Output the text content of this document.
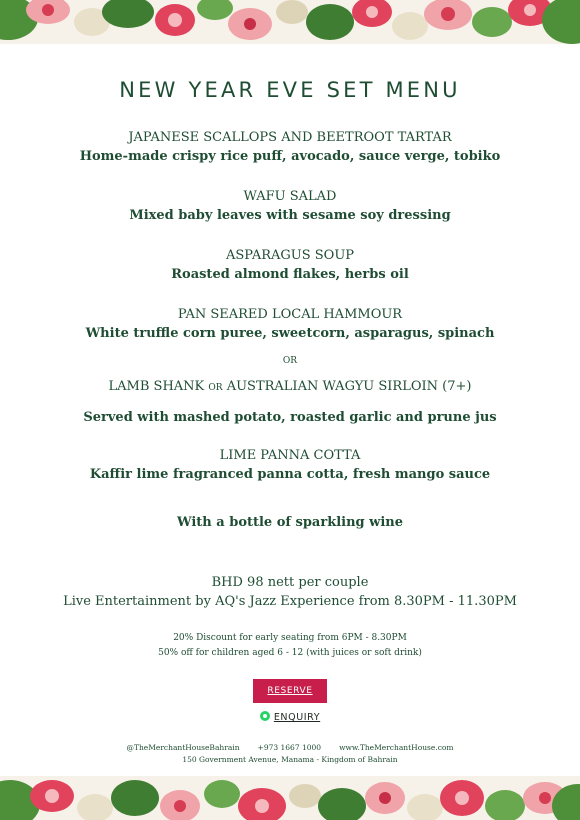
NEW YEAR EVE SET MENU
JAPANESE SCALLOPS AND BEETROOT TARTAR
Home-made crispy rice puff, avocado, sauce verge, tobiko
WAFU SALAD
Mixed baby leaves with sesame soy dressing
ASPARAGUS SOUP
Roasted almond flakes, herbs oil
PAN SEARED LOCAL HAMMOUR
White truffle corn puree, sweetcorn, asparagus, spinach
OR
LAMB SHANK OR AUSTRALIAN WAGYU SIRLOIN (7+)
Served with mashed potato, roasted garlic and prune jus
LIME PANNA COTTA
Kaffir lime fragranced panna cotta, fresh mango sauce
With a bottle of sparkling wine
BHD 98 nett per couple
Live Entertainment by AQ's Jazz Experience from 8.30PM - 11.30PM
20% Discount for early seating from 6PM - 8.30PM
50% off for children aged 6 - 12 (with juices or soft drink)
RESERVE
ENQUIRY
@TheMerchantHouseBahrain +973 1667 1000 www.TheMerchantHouse.com
150 Government Avenue, Manama - Kingdom of Bahrain
